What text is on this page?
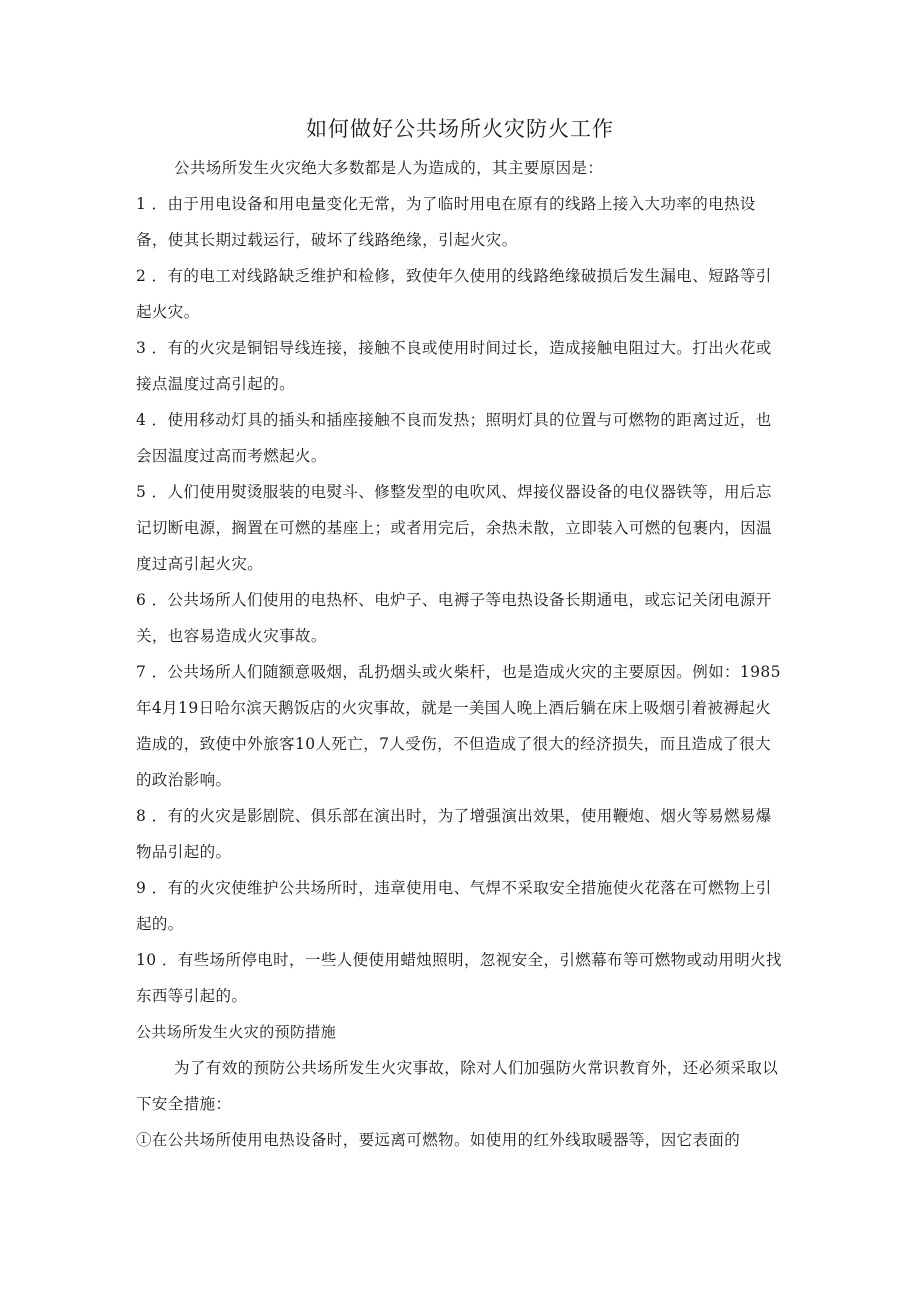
如何做好公共场所火灾防火工作

公共场所发生火灾绝大多数都是人为造成的，其主要原因是：

1 ．由于用电设备和用电量变化无常，为了临时用电在原有的线路上接入大功率的电热设备，使其长期过载运行，破坏了线路绝缘，引起火灾。

2 ．有的电工对线路缺乏维护和检修，致使年久使用的线路绝缘破损后发生漏电、短路等引起火灾。

3 ．有的火灾是铜铝导线连接，接触不良或使用时间过长，造成接触电阻过大。打出火花或接点温度过高引起的。

4 ．使用移动灯具的插头和插座接触不良而发热；照明灯具的位置与可燃物的距离过近，也会因温度过高而考燃起火。

5 ．人们使用熨烫服装的电熨斗、修整发型的电吹风、焊接仪器设备的电仪器铁等，用后忘记切断电源，搁置在可燃的基座上；或者用完后，余热未散，立即装入可燃的包裹内，因温度过高引起火灾。

6 ．公共场所人们使用的电热杯、电炉子、电褥子等电热设备长期通电，或忘记关闭电源开关，也容易造成火灾事故。

7 ．公共场所人们随额意吸烟，乱扔烟头或火柴杆，也是造成火灾的主要原因。例如：1985年4月19日哈尔滨天鹅饭店的火灾事故，就是一美国人晚上酒后躺在床上吸烟引着被褥起火造成的，致使中外旅客10人死亡，7人受伤，不但造成了很大的经济损失，而且造成了很大的政治影响。

8 ．有的火灾是影剧院、俱乐部在演出时，为了增强演出效果，使用鞭炮、烟火等易燃易爆物品引起的。

9 ．有的火灾使维护公共场所时，违章使用电、气焊不采取安全措施使火花落在可燃物上引起的。

10 ．有些场所停电时，一些人便使用蜡烛照明，忽视安全，引燃幕布等可燃物或动用明火找东西等引起的。

公共场所发生火灾的预防措施

为了有效的预防公共场所发生火灾事故，除对人们加强防火常识教育外，还必须采取以下安全措施：

①在公共场所使用电热设备时，要远离可燃物。如使用的红外线取暖器等，因它表面的
